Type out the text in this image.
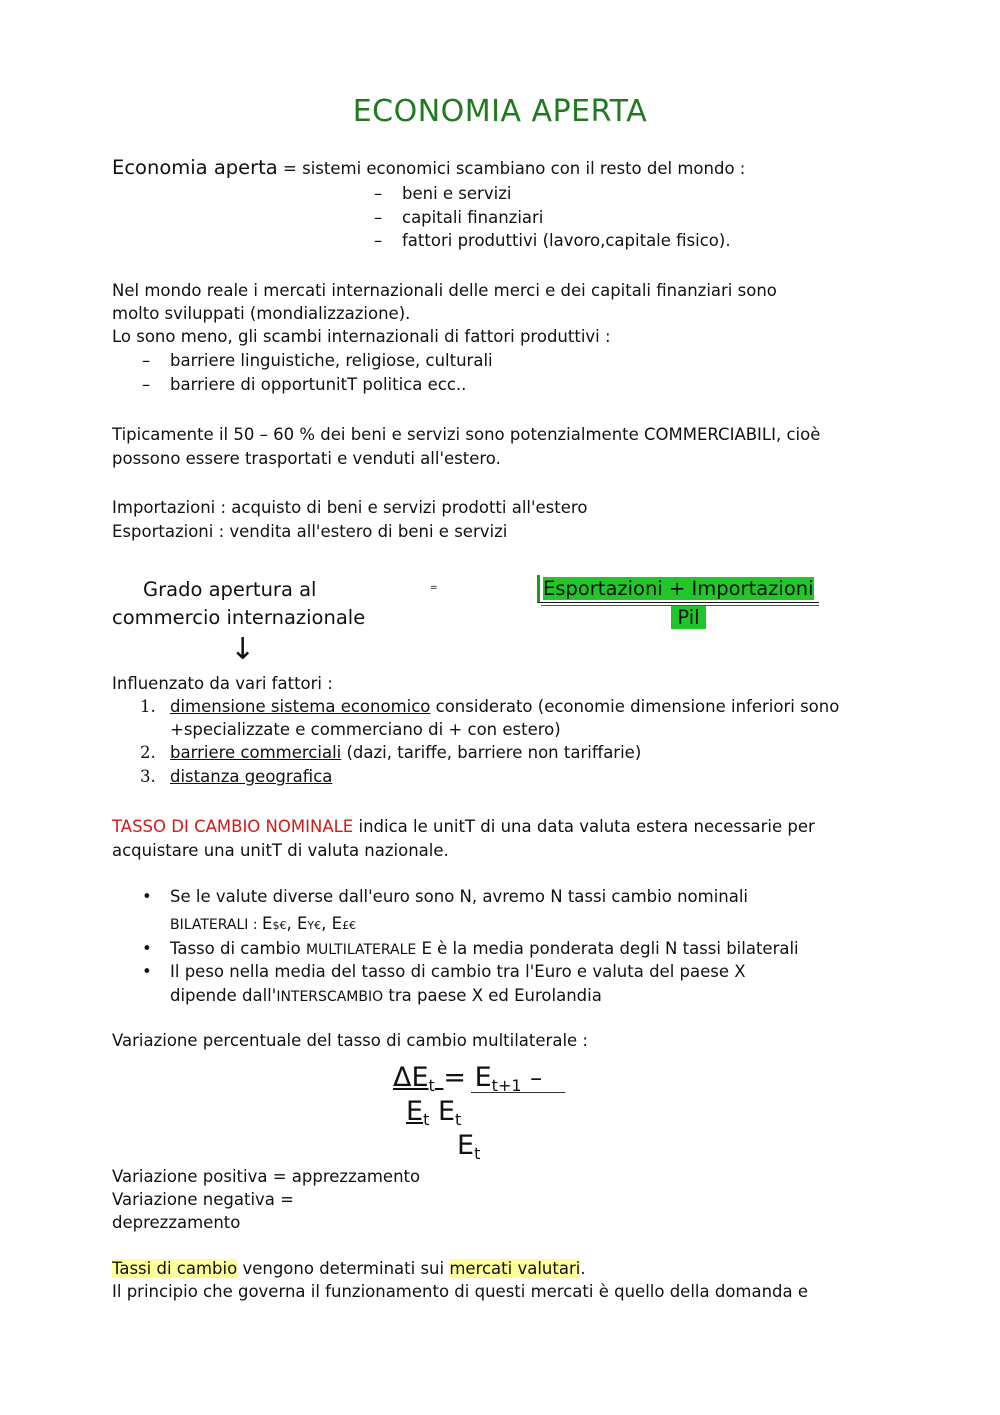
ECONOMIA APERTA
Economia aperta = sistemi economici scambiano con il resto del mondo :
– beni e servizi
– capitali finanziari
– fattori produttivi (lavoro,capitale fisico).
Nel mondo reale i mercati internazionali delle merci e dei capitali finanziari sono
molto sviluppati (mondializzazione).
Lo sono meno, gli scambi internazionali di fattori produttivi :
– barriere linguistiche, religiose, culturali
– barriere di opportunitT politica ecc..
Tipicamente il 50 – 60 % dei beni e servizi sono potenzialmente COMMERCIABILI, cioè
possono essere trasportati e venduti all'estero.
Importazioni : acquisto di beni e servizi prodotti all'estero
Esportazioni : vendita all'estero di beni e servizi
Grado apertura al
commercio internazionale
=	Esportazioni + Importazioni
Pil
↓
Influenzato da vari fattori :
1. dimensione sistema economico considerato (economie dimensione inferiori sono
+specializzate e commerciano di + con estero)
2. barriere commerciali (dazi, tariffe, barriere non tariffarie)
3. distanza geografica
TASSO DI CAMBIO NOMINALE indica le unitT di una data valuta estera necessarie per
acquistare una unitT di valuta nazionale.
• Se le valute diverse dall'euro sono N, avremo N tassi cambio nominali
BILATERALI : E$€, EY€, E£€
• Tasso di cambio MULTILATERALE E è la media ponderata degli N tassi bilaterali
• Il peso nella media del tasso di cambio tra l'Euro e valuta del paese X
dipende dall'INTERSCAMBIO tra paese X ed Eurolandia
Variazione percentuale del tasso di cambio multilaterale :
ΔEt = Et+1 –
Et Et
Et
Variazione positiva = apprezzamento
Variazione negativa =
deprezzamento
Tassi di cambio vengono determinati sui mercati valutari.
Il principio che governa il funzionamento di questi mercati è quello della domanda e
